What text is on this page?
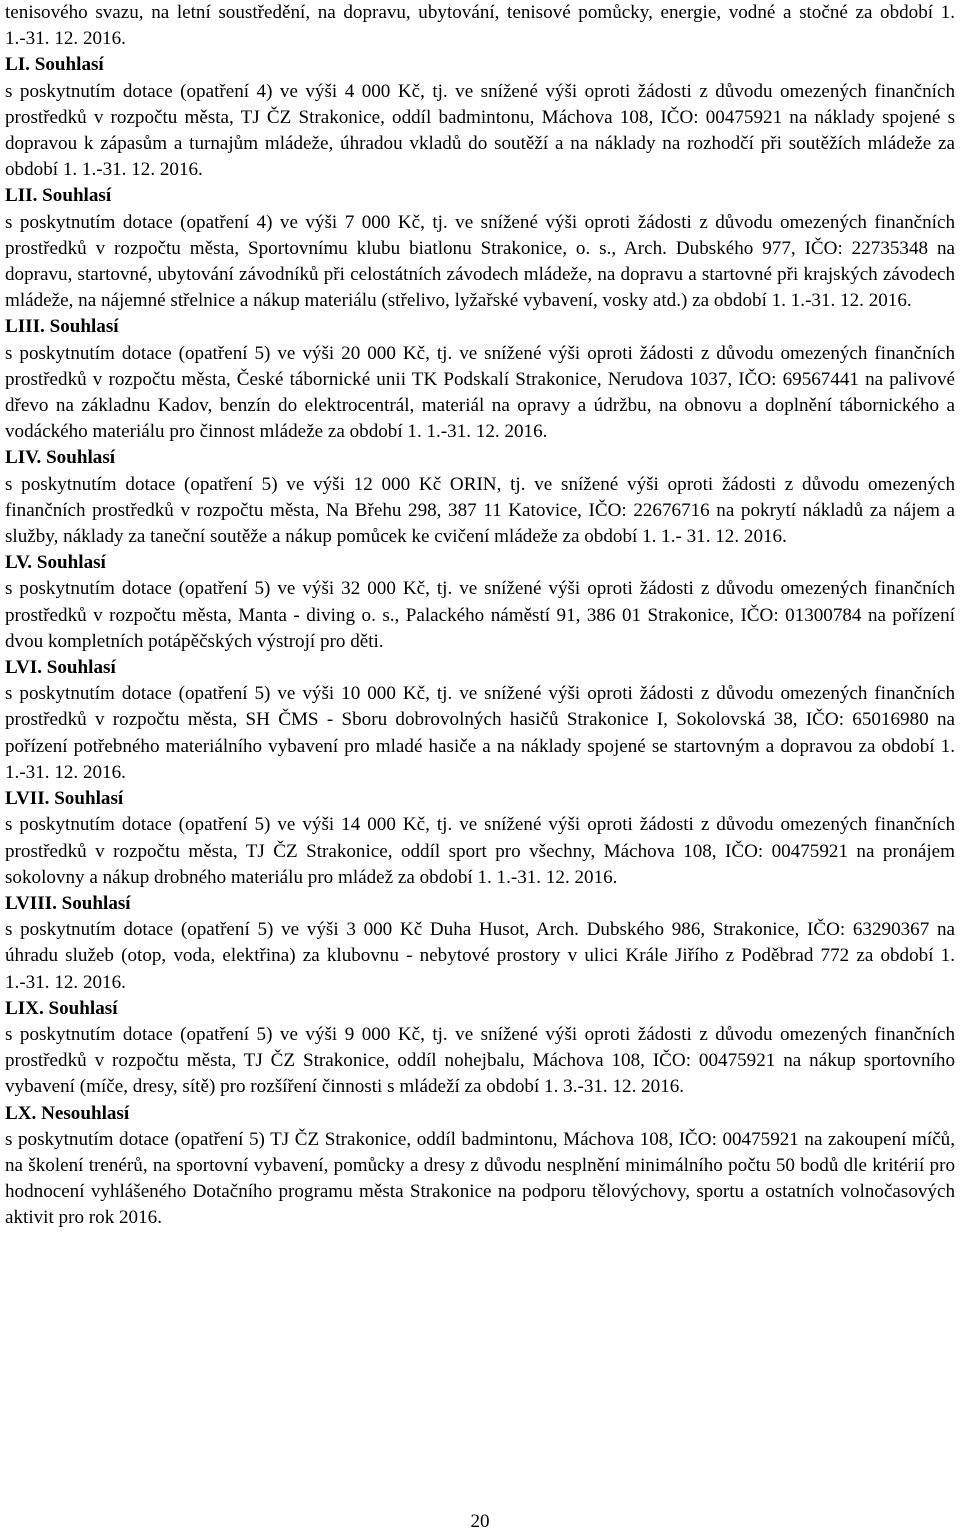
tenisového svazu, na letní soustředění, na dopravu, ubytování, tenisové pomůcky, energie, vodné a stočné za období 1. 1.-31. 12. 2016.

LI. Souhlasí

s poskytnutím dotace (opatření 4) ve výši 4 000 Kč, tj. ve snížené výši oproti žádosti z důvodu omezených finančních prostředků v rozpočtu města, TJ ČZ Strakonice, oddíl badmintonu, Máchova 108, IČO: 00475921 na náklady spojené s dopravou k zápasům a turnajům mládeže, úhradou vkladů do soutěží a na náklady na rozhodčí při soutěžích mládeže za období 1. 1.-31. 12. 2016.

LII. Souhlasí

s poskytnutím dotace (opatření 4) ve výši 7 000 Kč, tj. ve snížené výši oproti žádosti z důvodu omezených finančních prostředků v rozpočtu města, Sportovnímu klubu biatlonu Strakonice, o. s., Arch. Dubského 977, IČO: 22735348 na dopravu, startovné, ubytování závodníků při celostátních závodech mládeže, na dopravu a startovné při krajských závodech mládeže, na nájemné střelnice a nákup materiálu (střelivo, lyžařské vybavení, vosky atd.) za období 1. 1.-31. 12. 2016.

LIII. Souhlasí

s poskytnutím dotace (opatření 5) ve výši 20 000 Kč, tj. ve snížené výši oproti žádosti z důvodu omezených finančních prostředků v rozpočtu města, České tábornické unii TK Podskalí Strakonice, Nerudova 1037, IČO: 69567441 na palivové dřevo na základnu Kadov, benzín do elektrocentrál, materiál na opravy a údržbu, na obnovu a doplnění tábornického a vodáckého materiálu pro činnost mládeže za období 1. 1.-31. 12. 2016.

LIV. Souhlasí

s poskytnutím dotace (opatření 5) ve výši 12 000 Kč ORIN, tj. ve snížené výši oproti žádosti z důvodu omezených finančních prostředků v rozpočtu města, Na Břehu 298, 387 11 Katovice, IČO: 22676716 na pokrytí nákladů za nájem a služby, náklady za taneční soutěže a nákup pomůcek ke cvičení mládeže za období 1. 1.- 31. 12. 2016.

LV. Souhlasí

s poskytnutím dotace (opatření 5) ve výši 32 000 Kč, tj. ve snížené výši oproti žádosti z důvodu omezených finančních prostředků v rozpočtu města, Manta - diving o. s., Palackého náměstí 91, 386 01 Strakonice, IČO: 01300784 na pořízení dvou kompletních potápěčských výstrojí pro děti.

LVI. Souhlasí

s poskytnutím dotace (opatření 5) ve výši 10 000 Kč, tj. ve snížené výši oproti žádosti z důvodu omezených finančních prostředků v rozpočtu města, SH ČMS - Sboru dobrovolných hasičů Strakonice I, Sokolovská 38, IČO: 65016980 na pořízení potřebného materiálního vybavení pro mladé hasiče a na náklady spojené se startovným a dopravou za období 1. 1.-31. 12. 2016.

LVII. Souhlasí

s poskytnutím dotace (opatření 5) ve výši 14 000 Kč, tj. ve snížené výši oproti žádosti z důvodu omezených finančních prostředků v rozpočtu města, TJ ČZ Strakonice, oddíl sport pro všechny, Máchova 108, IČO: 00475921 na pronájem sokolovny a nákup drobného materiálu pro mládež za období 1. 1.-31. 12. 2016.

LVIII. Souhlasí

s poskytnutím dotace (opatření 5) ve výši 3 000 Kč Duha Husot, Arch. Dubského 986, Strakonice, IČO: 63290367 na úhradu služeb (otop, voda, elektřina) za klubovnu - nebytové prostory v ulici Krále Jiřího z Poděbrad 772 za období 1. 1.-31. 12. 2016.

LIX. Souhlasí

s poskytnutím dotace (opatření 5) ve výši 9 000 Kč, tj. ve snížené výši oproti žádosti z důvodu omezených finančních prostředků v rozpočtu města, TJ ČZ Strakonice, oddíl nohejbalu, Máchova 108, IČO: 00475921 na nákup sportovního vybavení (míče, dresy, sítě) pro rozšíření činnosti s mládeží za období 1. 3.-31. 12. 2016.

LX. Nesouhlasí

s poskytnutím dotace (opatření 5) TJ ČZ Strakonice, oddíl badmintonu, Máchova 108, IČO: 00475921 na zakoupení míčů, na školení trenérů, na sportovní vybavení, pomůcky a dresy z důvodu nesplnění minimálního počtu 50 bodů dle kritérií pro hodnocení vyhlášeného Dotačního programu města Strakonice na podporu tělovýchovy, sportu a ostatních volnočasových aktivit pro rok 2016.

20
